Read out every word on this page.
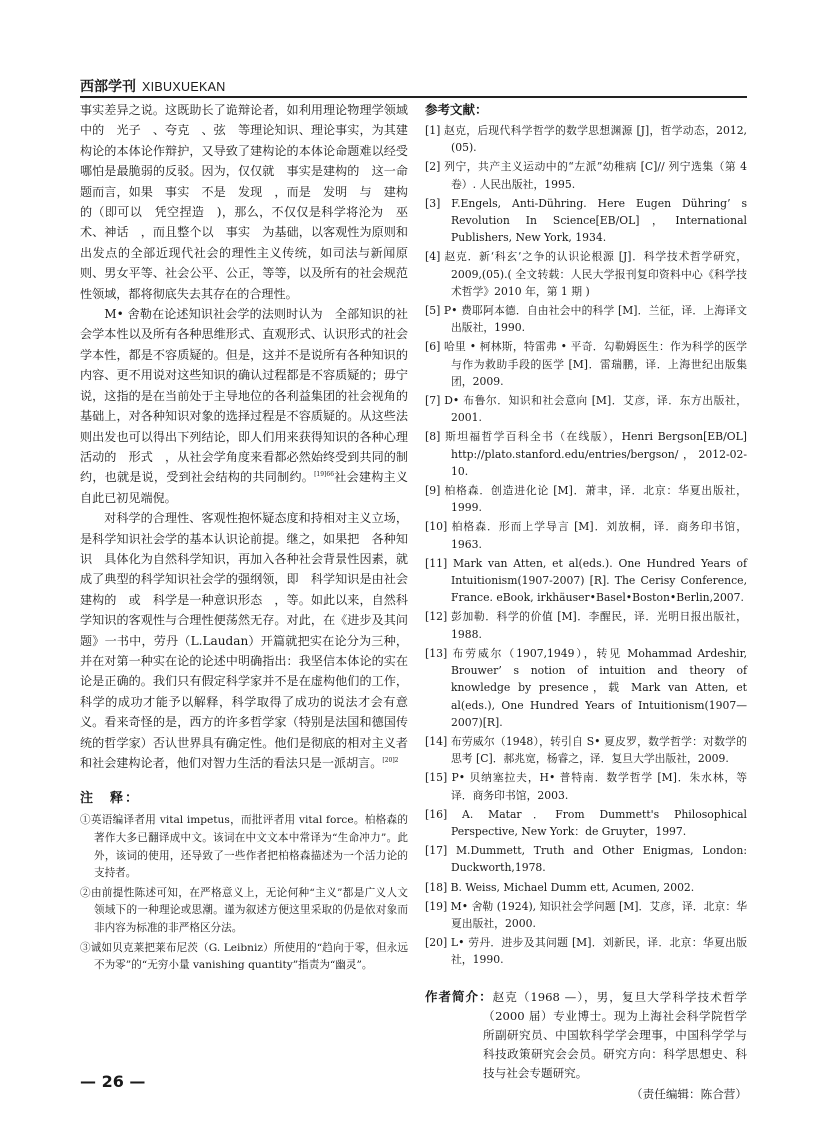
西部学刊 XIBUXUEKAN

事实差异之说。这既助长了诡辩论者，如利用理论物理学领域中的　光子　、夸克　、弦　等理论知识、理论事实，为其建构论的本体论作辩护，又导致了建构论的本体论命题难以经受哪怕是最脆弱的反驳。因为，仅仅就　事实是建构的　这一命题而言，如果　事实　不是　发现　，而是　发明　与　建构　的（即可以　凭空捏造　)，那么，不仅仅是科学将沦为　巫术、神话　，而且整个以　事实　为基础，以客观性为原则和出发点的全部近现代社会的理性主义传统，如司法与新闻原则、男女平等、社会公平、公正，等等，以及所有的社会规范性领域，都将彻底失去其存在的合理性。

M• 舍勒在论述知识社会学的法则时认为　全部知识的社会学本性以及所有各种思维形式、直观形式、认识形式的社会学本性，都是不容质疑的。但是，这并不是说所有各种知识的内容、更不用说对这些知识的确认过程都是不容质疑的；毋宁说，这指的是在当前处于主导地位的各利益集团的社会视角的基础上，对各种知识对象的选择过程是不容质疑的。从这些法则出发也可以得出下列结论，即人们用来获得知识的各种心理活动的　形式　，从社会学角度来看都必然始终受到共同的制约，也就是说，受到社会结构的共同制约。$^{[19]66}$社会建构主义自此已初见端倪。

对科学的合理性、客观性抱怀疑态度和持相对主义立场，是科学知识社会学的基本认识论前提。继之，如果把　各种知识　具体化为自然科学知识，再加入各种社会背景性因素，就成了典型的科学知识社会学的强纲领，即　科学知识是由社会建构的　或　科学是一种意识形态　，等。如此以来，自然科学知识的客观性与合理性便荡然无存。对此，在《进步及其问题》一书中，劳丹（L.Laudan）开篇就把实在论分为三种，并在对第一种实在论的论述中明确指出：我坚信本体论的实在论是正确的。我们只有假定科学家并不是在虚构他们的工作，科学的成功才能予以解释，科学取得了成功的说法才会有意义。看来奇怪的是，西方的许多哲学家（特别是法国和德国传统的哲学家）否认世界具有确定性。他们是彻底的相对主义者和社会建构论者，他们对智力生活的看法只是一派胡言。$^{[20]2}$

注　释：
①英语编译者用 vital impetus，而批评者用 vital force。柏格森的著作大多已翻译成中文。该词在中文文本中常译为“生命冲力”。此外，该词的使用，还导致了一些作者把柏格森描述为一个活力论的支持者。
②由前提性陈述可知，在严格意义上，无论何种“主义”都是广义人文领域下的一种理论或思潮。谨为叙述方便这里采取的仍是依对象而非内容为标准的非严格区分法。
③诚如贝克莱把莱布尼茨（G. Leibniz）所使用的“趋向于零，但永远不为零”的“无穷小量 vanishing quantity”指责为“幽灵”。
参考文献：
[1] 赵克，后现代科学哲学的数学思想渊源 [J]，哲学动态，2012,(05).
[2] 列宁，共产主义运动中的“左派”幼稚病 [C]// 列宁选集（第 4 卷）. 人民出版社，1995.
[3] F.Engels, Anti-Dühring. Here Eugen Dühring’ s Revolution In Science[EB/OL]，International Publishers, New York, 1934.
[4] 赵克．新‘科玄’之争的认识论根源 [J]．科学技术哲学研究，2009,(05).( 全文转载：人民大学报刊复印资料中心《科学技术哲学》2010 年，第 1 期 )
[5] P• 费耶阿本德．自由社会中的科学 [M]．兰征，译．上海译文出版社，1990.
[6] 哈里 • 柯林斯，特雷弗 • 平奇．勾勒姆医生：作为科学的医学与作为救助手段的医学 [M]．雷瑞鹏，译．上海世纪出版集团，2009.
[7] D• 布鲁尔．知识和社会意向 [M]．艾彦，译．东方出版社，2001.
[8] 斯坦福哲学百科全书（在线版），Henri Bergson[EB/OL] http://plato.stanford.edu/entries/bergson/，2012-02-10.
[9] 柏格森．创造进化论 [M]．萧聿，译．北京：华夏出版社，1999.
[10] 柏格森．形而上学导言 [M]．刘放桐，译．商务印书馆，1963.
[11] Mark van Atten, et al(eds.). One Hundred Years of Intuitionism(1907-2007) [R]. The Cerisy Conference, France. eBook, irkhäuser•Basel•Boston•Berlin,2007.
[12] 彭加勒．科学的价值 [M]．李醒民，译．光明日报出版社，1988.
[13] 布劳威尔（1907,1949），转见 Mohammad Ardeshir, Brouwer’ s notion of intuition and theory of knowledge by presence，载 Mark van Atten, et al(eds.), One Hundred Years of Intuitionism(1907—2007)[R].
[14] 布劳威尔（1948），转引自 S• 夏皮罗，数学哲学：对数学的思考 [C]．郝兆宽，杨睿之，译．复旦大学出版社，2009.
[15] P• 贝纳塞拉夫，H• 普特南．数学哲学 [M]．朱水林，等译．商务印书馆，2003.
[16] A. Matar．From Dummett's Philosophical Perspective, New York：de Gruyter，1997.
[17] M.Dummett, Truth and Other Enigmas, London: Duckworth,1978.
[18] B. Weiss, Michael Dumm ett, Acumen, 2002.
[19] M• 舍勒 (1924), 知识社会学问题 [M]．艾彦，译．北京：华夏出版社，2000.
[20] L• 劳丹．进步及其问题 [M]．刘新民，译．北京：华夏出版社，1990.
作者简介：赵克（1968 —），男，复旦大学科学技术哲学（2000 届）专业博士。现为上海社会科学院哲学所副研究员、中国软科学学会理事，中国科学学与科技政策研究会会员。研究方向：科学思想史、科技与社会专题研究。
（责任编辑：陈合营）
— 26 —
